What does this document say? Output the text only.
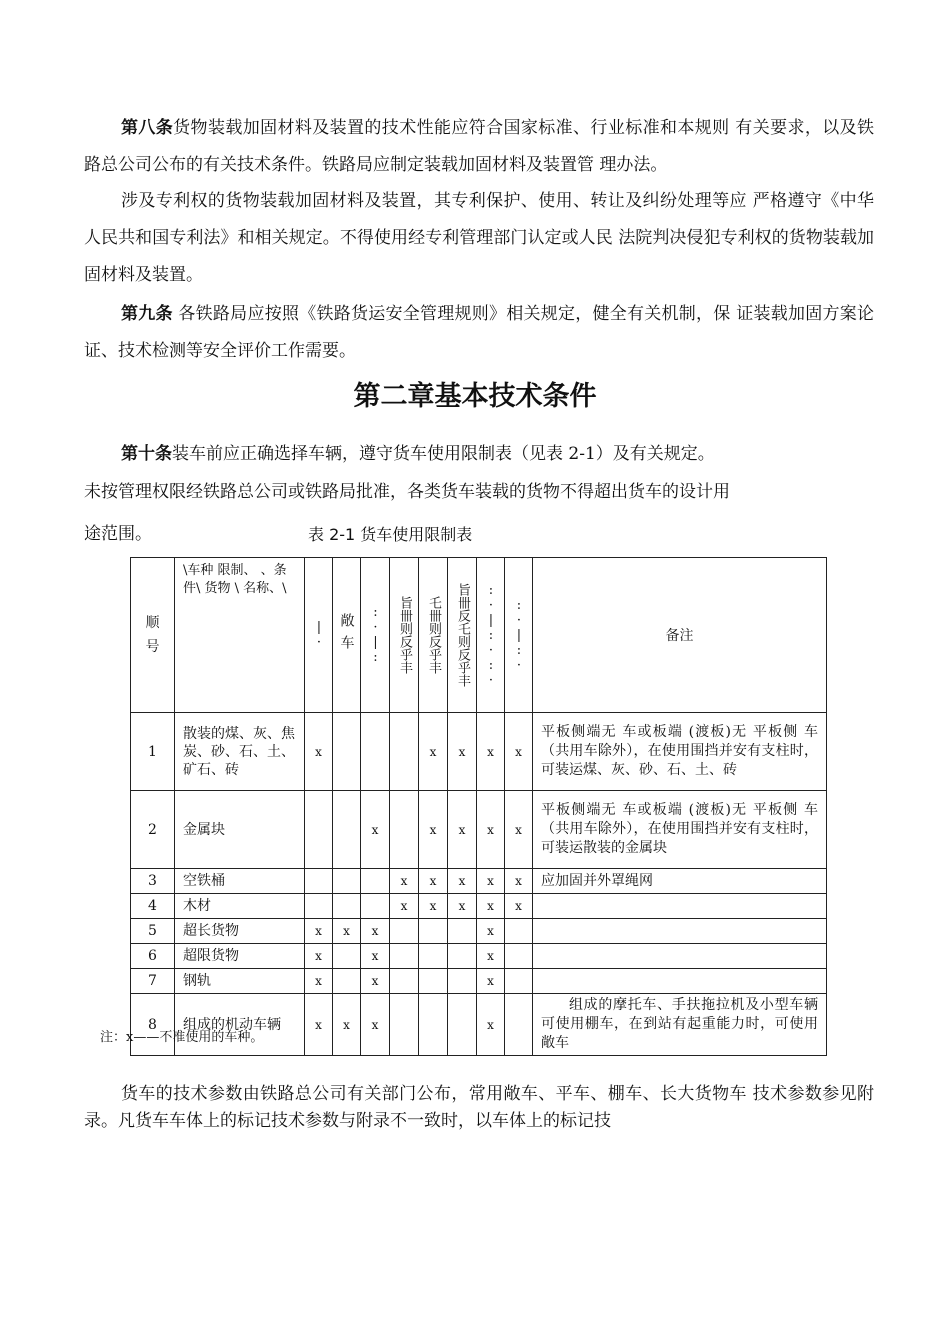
第八条货物装载加固材料及装置的技术性能应符合国家标准、行业标准和本规则 有关要求，以及铁路总公司公布的有关技术条件。铁路局应制定装载加固材料及装置管 理办法。

涉及专利权的货物装载加固材料及装置，其专利保护、使用、转让及纠纷处理等应 严格遵守《中华人民共和国专利法》和相关规定。不得使用经专利管理部门认定或人民 法院判决侵犯专利权的货物装载加固材料及装置。

第九条 各铁路局应按照《铁路货运安全管理规则》相关规定，健全有关机制，保 证装载加固方案论证、技术检测等安全评价工作需要。

第二章基本技术条件

第十条装车前应正确选择车辆，遵守货车使用限制表（见表 2-1）及有关规定。

未按管理权限经铁路总公司或铁路局批准，各类货车装载的货物不得超出货车的设计用

途范围。	表 2-1 货车使用限制表

顺号	\车种 限制、 、条件\ 货物 \ 名称、\	|·	敞车	:·|:	旨卌则反乎丰	乇卌则反乎丰	旨卌反乇则反乎丰	:·|:·:·	:·|:·	备注
1	散装的煤、灰、焦炭、砂、石、土、矿石、砖	x				x	x	x	x	平板侧端无 车或板端 (渡板)无 平板侧 车（共用车除外），在使用围挡并安有支柱时，可装运煤、灰、砂、石、土、砖
2	金属块			x		x	x	x	x	平板侧端无 车或板端 (渡板)无 平板侧 车（共用车除外），在使用围挡并安有支柱时，可装运散装的金属块
3	空铁桶				x	x	x	x	x	应加固并外罩绳网
4	木材				x	x	x	x	x	
5	超长货物	x	x	x				x		
6	超限货物	x		x				x		
7	钢轨	x		x				x		
8	组成的机动车辆	x	x	x				x		组成的摩托车、手扶拖拉机及小型车辆可使用棚车，在到站有起重能力时，可使用敞车

注：x——不准使用的车种。

货车的技术参数由铁路总公司有关部门公布，常用敞车、平车、棚车、长大货物车 技术参数参见附录。凡货车车体上的标记技术参数与附录不一致时，以车体上的标记技
